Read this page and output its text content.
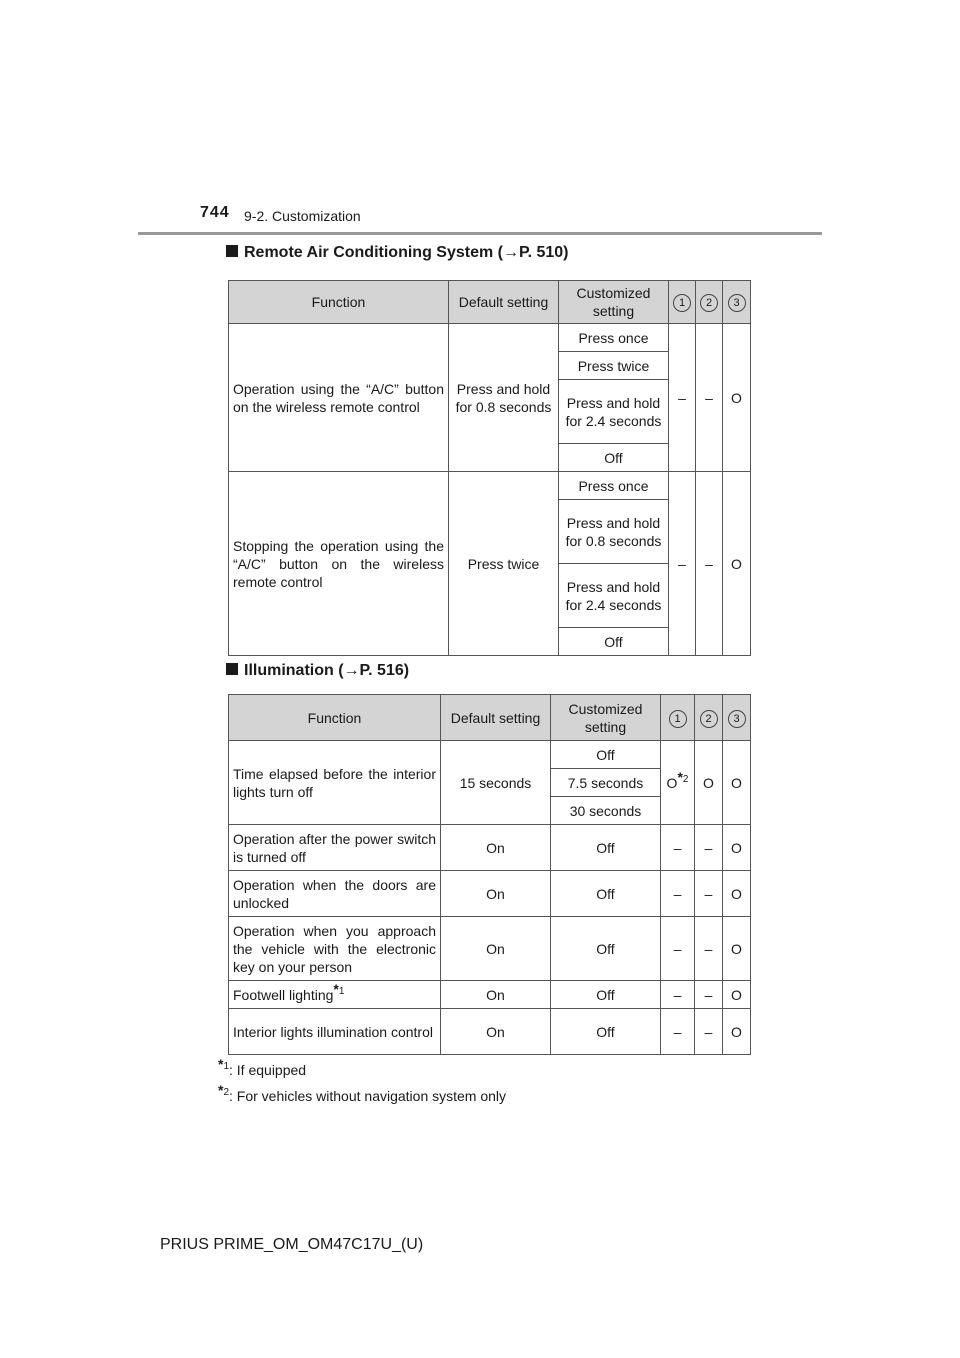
744 9-2. Customization
Remote Air Conditioning System (→P. 510)
Function	Default setting	Customized setting	1	2	3
Operation using the “A/C” button on the wireless remote control	Press and hold for 0.8 seconds	Press once	–	–	O
		Press twice			
		Press and hold for 2.4 seconds			
		Off			
Stopping the operation using the “A/C” button on the wireless remote control	Press twice	Press once	–	–	O
		Press and hold for 0.8 seconds			
		Press and hold for 2.4 seconds			
		Off			
Illumination (→P. 516)
Function	Default setting	Customized setting	1	2	3
Time elapsed before the interior lights turn off	15 seconds	Off	$O^{*2}$	O	O
		7.5 seconds			
		30 seconds			
Operation after the power switch is turned off	On	Off	–	–	O
Operation when the doors are unlocked	On	Off	–	–	O
Operation when you approach the vehicle with the electronic key on your person	On	Off	–	–	O
Footwell lighting$^{*1}$	On	Off	–	–	O
Interior lights illumination control	On	Off	–	–	O
$^{*1}$: If equipped
$^{*2}$: For vehicles without navigation system only
PRIUS PRIME_OM_OM47C17U_(U)
